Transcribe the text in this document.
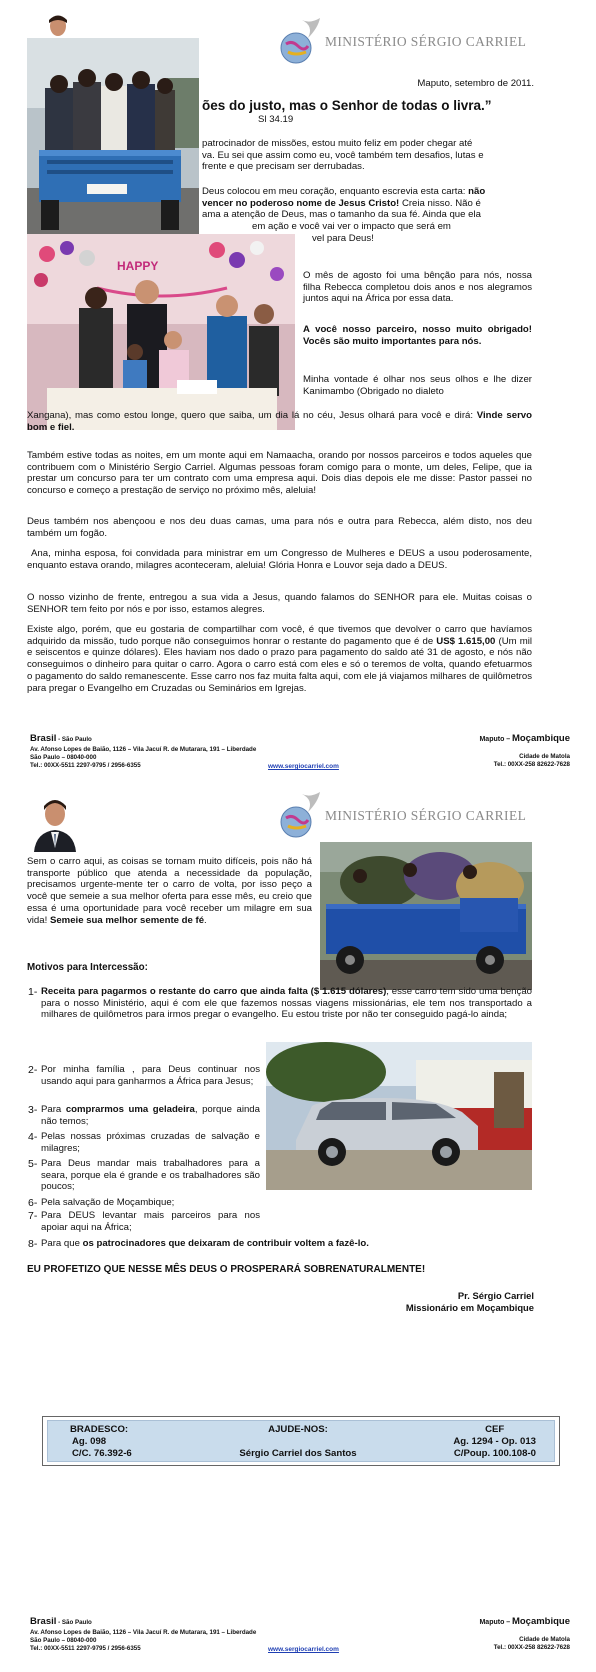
MINISTÉRIO SÉRGIO CARRIEL
Maputo, setembro de 2011.
ões do justo, mas o Senhor de todas o livra.”
Sl 34.19
patrocinador de missões, estou muito feliz em poder chegar até
va. Eu sei que assim como eu, você também tem desafios, lutas e
frente e que precisam ser derrubadas.
Deus colocou em meu coração, enquanto escrevia esta carta: não
vencer no poderoso nome de Jesus Cristo! Creia nisso. Não é
ama a atenção de Deus, mas o tamanho da sua fé. Ainda que ela
em ação e você vai ver o impacto que será em
vel para Deus!
HAPPY
O mês de agosto foi uma bênção para nós, nossa filha Rebecca completou dois anos e nos alegramos juntos aqui na África por essa data.
A você nosso parceiro, nosso muito obrigado! Vocês são muito importantes para nós.
Minha vontade é olhar nos seus olhos e lhe dizer Kanimambo (Obrigado no dialeto
Xangana), mas como estou longe, quero que saiba, um dia lá no céu, Jesus olhará para você e dirá: Vinde servo bom e fiel.
Também estive todas as noites, em um monte aqui em Namaacha, orando por nossos parceiros e todos aqueles que contribuem com o Ministério Sergio Carriel. Algumas pessoas foram comigo para o monte, um deles, Felipe, que ia prestar um concurso para ter um contrato com uma empresa aqui. Dois dias depois ele me disse: Pastor passei no concurso e começo a prestação de serviço no próximo mês, aleluia!
Deus também nos abençoou e nos deu duas camas, uma para nós e outra para Rebecca, além disto, nos deu também um fogão.
Ana, minha esposa, foi convidada para ministrar em um Congresso de Mulheres e DEUS a usou poderosamente, enquanto estava orando, milagres aconteceram, aleluia! Glória Honra e Louvor seja dado a DEUS.
O nosso vizinho de frente, entregou a sua vida a Jesus, quando falamos do SENHOR para ele. Muitas coisas o SENHOR tem feito por nós e por isso, estamos alegres.
Existe algo, porém, que eu gostaria de compartilhar com você, é que tivemos que devolver o carro que havíamos adquirido da missão, tudo porque não conseguimos honrar o restante do pagamento que é de US$ 1.615,00 (Um mil e seiscentos e quinze dólares). Eles haviam nos dado o prazo para pagamento do saldo até 31 de agosto, e nós não conseguimos o dinheiro para quitar o carro. Agora o carro está com eles e só o teremos de volta, quando efetuarmos o pagamento do saldo remanescente. Esse carro nos faz muita falta aqui, com ele já viajamos milhares de quilômetros para pregar o Evangelho em Cruzadas ou Seminários em Igrejas.
Brasil - São Paulo
Av. Afonso Lopes de Baião, 1126 – Vila Jacuí R. de Mutarara, 191 – Liberdade
São Paulo – 08040-000
Tel.: 00XX-5511 2297-9795 / 2956-6355	www.sergiocarriel.com
Maputo – Moçambique
Cidade de Matola
Tel.: 00XX-258 82622-7628
MINISTÉRIO SÉRGIO CARRIEL
Sem o carro aqui, as coisas se tornam muito difíceis, pois não há transporte público que atenda a necessidade da população, precisamos urgente-mente ter o carro de volta, por isso peço a você que semeie a sua melhor oferta para esse mês, eu creio que essa é uma oportunidade para você receber um milagre em sua vida! Semeie sua melhor semente de fé.
Motivos para Intercessão:
1- Receita para pagarmos o restante do carro que ainda falta ($ 1.615 dólares), esse carro tem sido uma benção para o nosso Ministério, aqui é com ele que fazemos nossas viagens missionárias, ele tem nos transportado a milhares de quilômetros para irmos pregar o evangelho. Eu estou triste por não ter conseguido pagá-lo ainda;
2- Por minha família , para Deus continuar nos usando aqui para ganharmos a África para Jesus;
3- Para comprarmos uma geladeira, porque ainda não temos;
4- Pelas nossas próximas cruzadas de salvação e milagres;
5- Para Deus mandar mais trabalhadores para a seara, porque ela é grande e os trabalhadores são poucos;
6- Pela salvação de Moçambique;
7- Para DEUS levantar mais parceiros para nos apoiar aqui na África;
8- Para que os patrocinadores que deixaram de contribuir voltem a fazê-lo.
EU PROFETIZO QUE NESSE MÊS DEUS O PROSPERARÁ SOBRENATURALMENTE!
Pr. Sérgio Carriel
Missionário em Moçambique
BRADESCO:
Ag. 098
C/C. 76.392-6
AJUDE-NOS:
Sérgio Carriel dos Santos
CEF
Ag. 1294 - Op. 013
C/Poup. 100.108-0
Brasil - São Paulo
Av. Afonso Lopes de Baião, 1126 – Vila Jacuí R. de Mutarara, 191 – Liberdade
São Paulo – 08040-000
Tel.: 00XX-5511 2297-9795 / 2956-6355	www.sergiocarriel.com
Maputo – Moçambique
Cidade de Matola
Tel.: 00XX-258 82622-7628
